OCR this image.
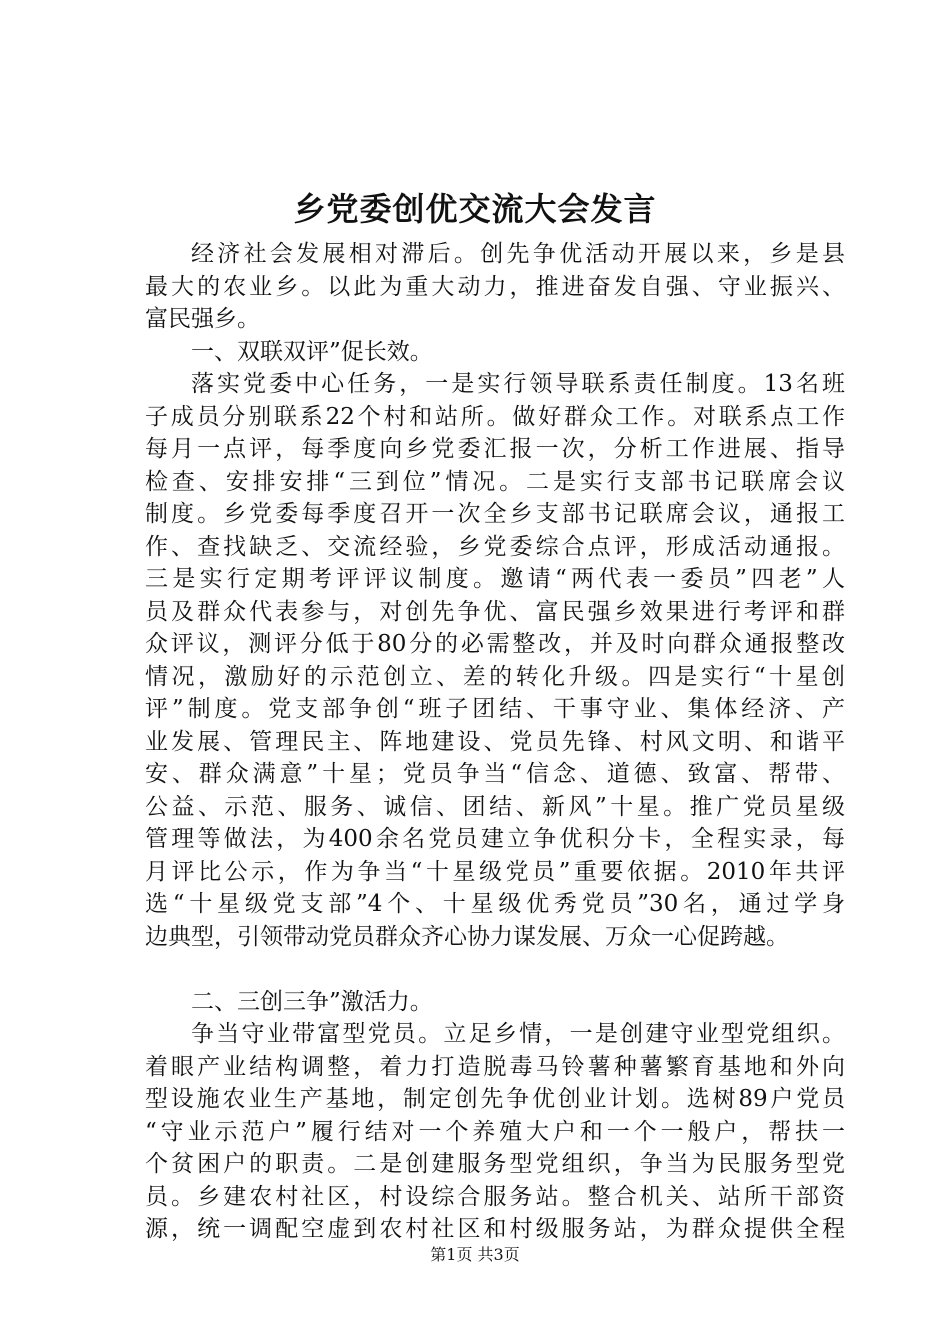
乡党委创优交流大会发言
经济社会发展相对滞后。创先争优活动开展以来，乡是县
最大的农业乡。以此为重大动力，推进奋发自强、守业振兴、
富民强乡。
一、双联双评”促长效。
落实党委中心任务，一是实行领导联系责任制度。13名班
子成员分别联系22个村和站所。做好群众工作。对联系点工作
每月一点评，每季度向乡党委汇报一次，分析工作进展、指导
检查、安排安排“三到位”情况。二是实行支部书记联席会议
制度。乡党委每季度召开一次全乡支部书记联席会议，通报工
作、查找缺乏、交流经验，乡党委综合点评，形成活动通报。
三是实行定期考评评议制度。邀请“两代表一委员”四老”人
员及群众代表参与，对创先争优、富民强乡效果进行考评和群
众评议，测评分低于80分的必需整改，并及时向群众通报整改
情况，激励好的示范创立、差的转化升级。四是实行“十星创
评”制度。党支部争创“班子团结、干事守业、集体经济、产
业发展、管理民主、阵地建设、党员先锋、村风文明、和谐平
安、群众满意”十星；党员争当“信念、道德、致富、帮带、
公益、示范、服务、诚信、团结、新风”十星。推广党员星级
管理等做法，为400余名党员建立争优积分卡，全程实录，每
月评比公示，作为争当“十星级党员”重要依据。2010年共评
选“十星级党支部”4个、十星级优秀党员”30名，通过学身
边典型，引领带动党员群众齐心协力谋发展、万众一心促跨越。
二、三创三争”激活力。
争当守业带富型党员。立足乡情，一是创建守业型党组织。
着眼产业结构调整，着力打造脱毒马铃薯种薯繁育基地和外向
型设施农业生产基地，制定创先争优创业计划。选树89户党员
“守业示范户”履行结对一个养殖大户和一个一般户，帮扶一
个贫困户的职责。二是创建服务型党组织，争当为民服务型党
员。乡建农村社区，村设综合服务站。整合机关、站所干部资
源，统一调配空虚到农村社区和村级服务站，为群众提供全程
第1页 共3页
